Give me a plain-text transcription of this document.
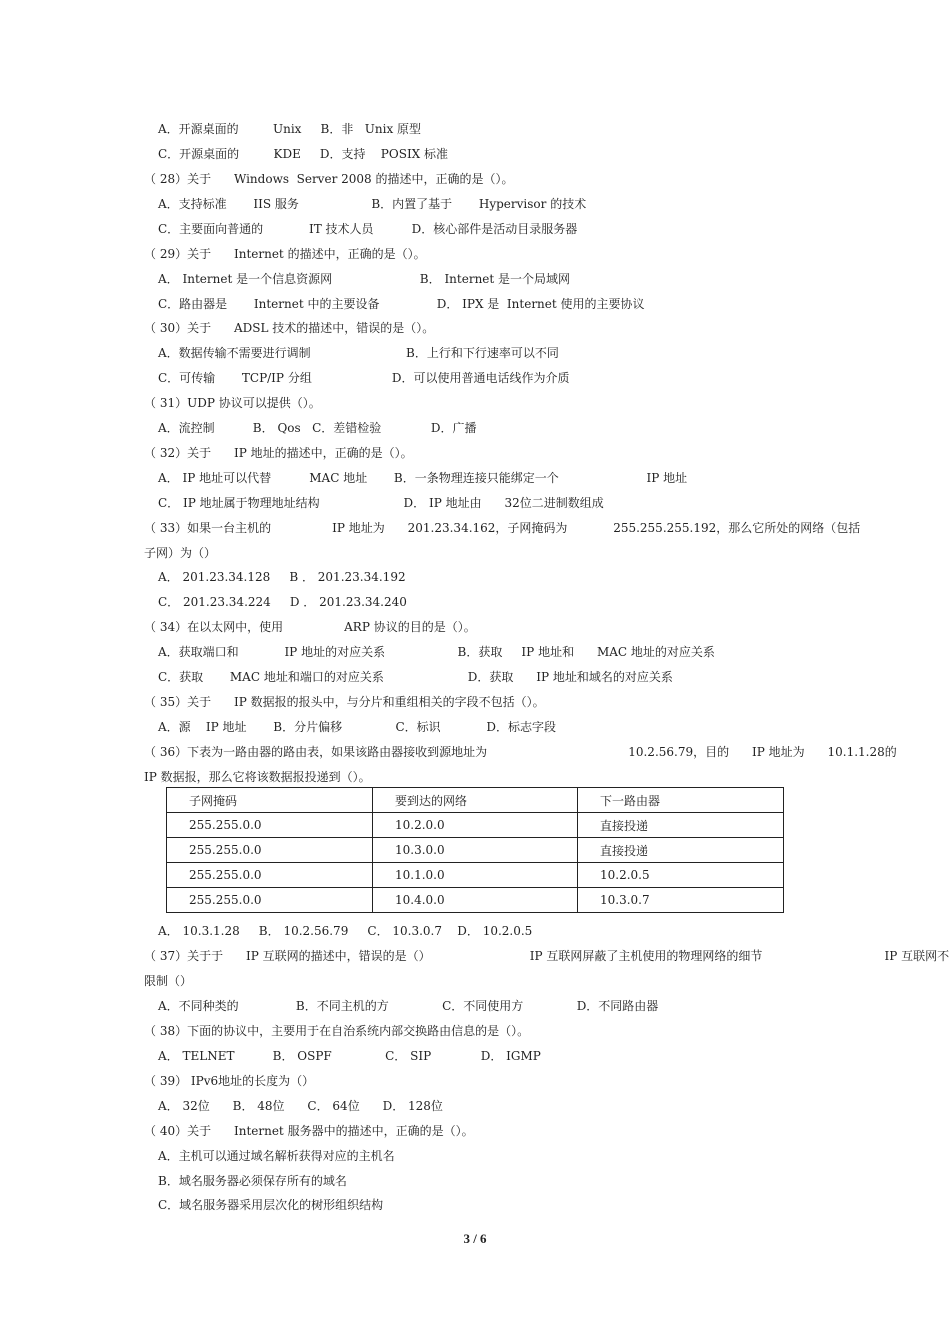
A．开源桌面的         Unix     B．非   Unix 原型
C．开源桌面的         KDE     D．支持    POSIX 标准
（ 28）关于      Windows  Server 2008 的描述中，正确的是（）。
A．支持标准       IIS 服务                   B．内置了基于       Hypervisor 的技术
C．主要面向普通的            IT 技术人员          D．核心部件是活动目录服务器
（ 29）关于      Internet 的描述中，正确的是（）。
A． Internet 是一个信息资源网                       B． Internet 是一个局域网
C．路由器是       Internet 中的主要设备               D． IPX 是  Internet 使用的主要协议
（ 30）关于      ADSL 技术的描述中，错误的是（）。
A．数据传输不需要进行调制                         B．上行和下行速率可以不同
C．可传输       TCP/IP 分组                     D．可以使用普通电话线作为介质
（ 31）UDP 协议可以提供（）。
A．流控制          B． Qos   C．差错检验             D．广播
（ 32）关于      IP 地址的描述中，正确的是（）。
A． IP 地址可以代替          MAC 地址       B．一条物理连接只能绑定一个                       IP 地址
C． IP 地址属于物理地址结构                      D． IP 地址由      32位二进制数组成
（ 33）如果一台主机的                IP 地址为      201.23.34.162，子网掩码为            255.255.255.192，那么它所处的网络（包括
子网）为（）
A． 201.23.34.128     B ． 201.23.34.192
C． 201.23.34.224     D ． 201.23.34.240
（ 34）在以太网中，使用                ARP 协议的目的是（）。
A．获取端口和            IP 地址的对应关系                   B．获取     IP 地址和      MAC 地址的对应关系
C．获取       MAC 地址和端口的对应关系                      D．获取      IP 地址和域名的对应关系
（ 35）关于      IP 数据报的报头中，与分片和重组相关的字段不包括（）。
A．源    IP 地址       B．分片偏移              C．标识            D．标志字段
（ 36）下表为一路由器的路由表，如果该路由器接收到源地址为                                     10.2.56.79，目的      IP 地址为      10.1.1.28的
IP 数据报，那么它将该数据报投递到（）。
子网掩码	要到达的网络	下一路由器
255.255.0.0	10.2.0.0	直接投递
255.255.0.0	10.3.0.0	直接投递
255.255.0.0	10.1.0.0	10.2.0.5
255.255.0.0	10.4.0.0	10.3.0.7
A． 10.3.1.28     B． 10.2.56.79     C． 10.3.0.7    D． 10.2.0.5
（ 37）关于于      IP 互联网的描述中，错误的是（）                          IP 互联网屏蔽了主机使用的物理网络的细节                                IP 互联网不
限制（）
A．不同种类的               B．不同主机的方              C．不同使用方              D．不同路由器
（ 38）下面的协议中，主要用于在自治系统内部交换路由信息的是（）。
A． TELNET          B． OSPF              C． SIP             D． IGMP
（ 39） IPv6地址的长度为（）
A． 32位      B． 48位      C． 64位      D． 128位
（ 40）关于      Internet 服务器中的描述中，正确的是（）。
A．主机可以通过域名解析获得对应的主机名
B．域名服务器必须保存所有的域名
C．域名服务器采用层次化的树形组织结构
3 / 6
